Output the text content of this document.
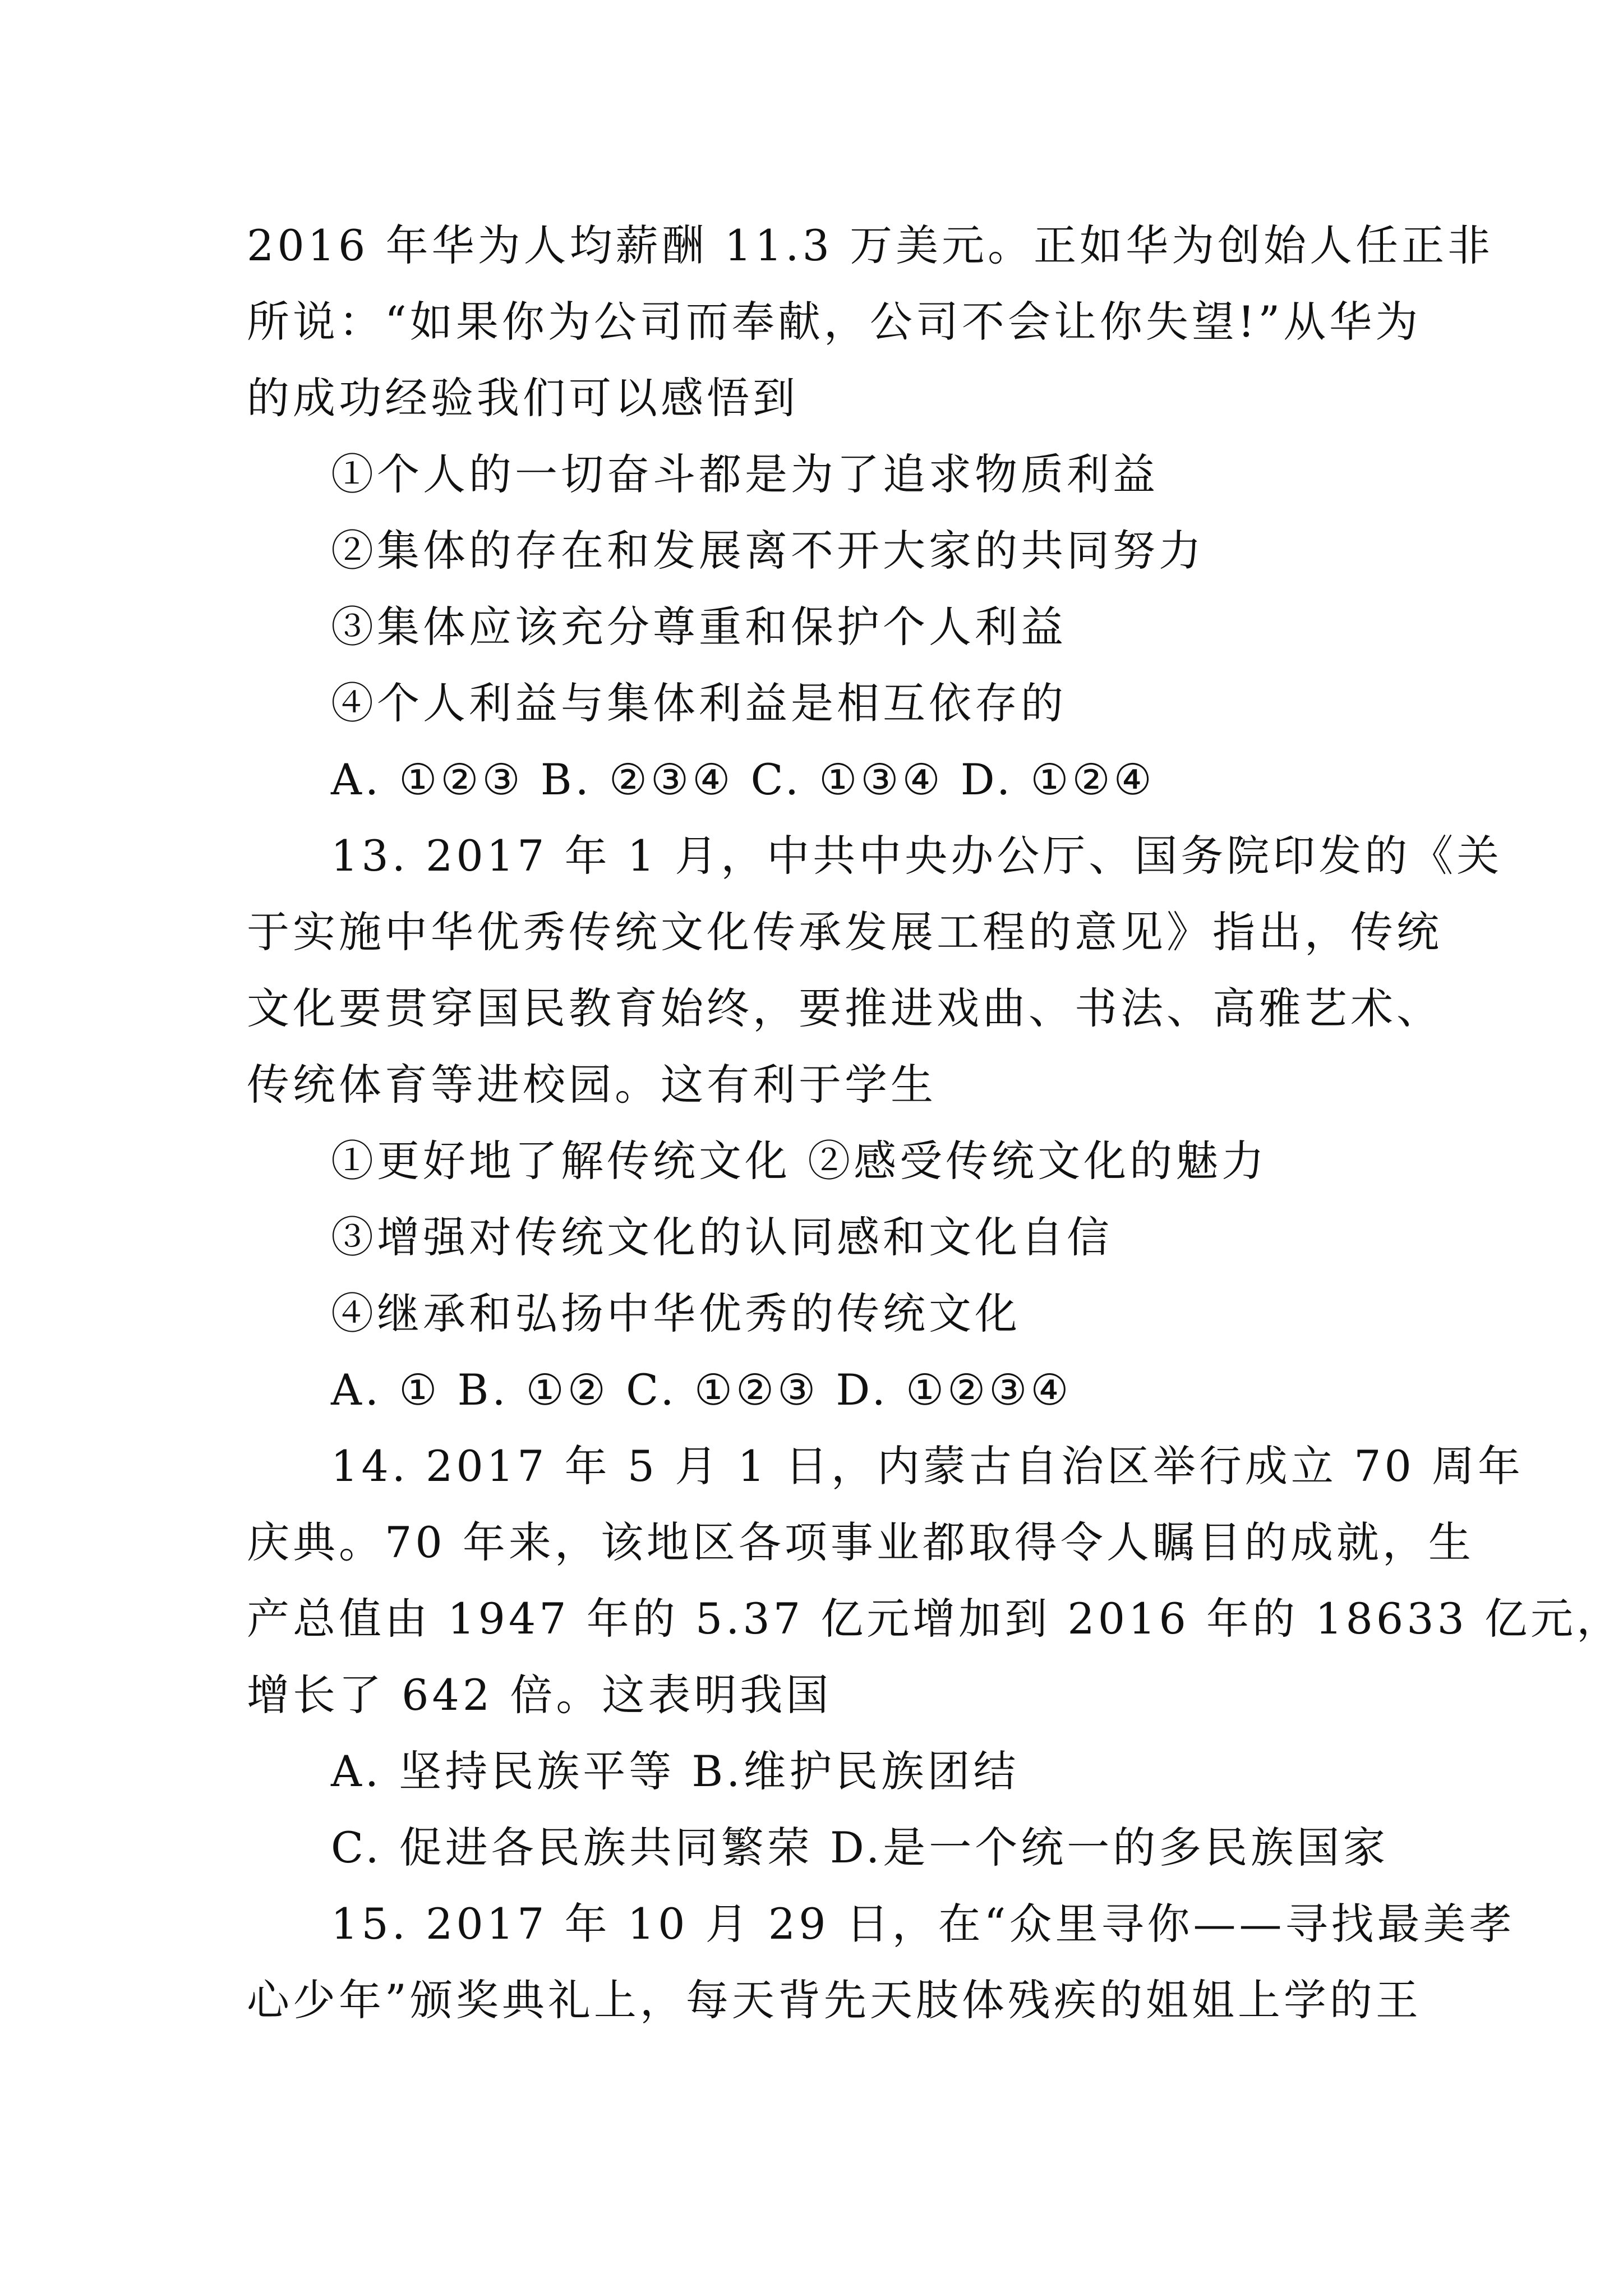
2016 年华为人均薪酬 11.3 万美元。正如华为创始人任正非
所说：“如果你为公司而奉献，公司不会让你失望!”从华为
的成功经验我们可以感悟到
①个人的一切奋斗都是为了追求物质利益
②集体的存在和发展离不开大家的共同努力
③集体应该充分尊重和保护个人利益
④个人利益与集体利益是相互依存的
A. ①②③ B. ②③④ C. ①③④ D. ①②④
13. 2017 年 1 月，中共中央办公厅、国务院印发的《关
于实施中华优秀传统文化传承发展工程的意见》指出，传统
文化要贯穿国民教育始终，要推进戏曲、书法、高雅艺术、
传统体育等进校园。这有利于学生
①更好地了解传统文化 ②感受传统文化的魅力
③增强对传统文化的认同感和文化自信
④继承和弘扬中华优秀的传统文化
A. ① B. ①② C. ①②③ D. ①②③④
14. 2017 年 5 月 1 日，内蒙古自治区举行成立 70 周年
庆典。70 年来，该地区各项事业都取得令人瞩目的成就，生
产总值由 1947 年的 5.37 亿元增加到 2016 年的 18633 亿元，
增长了 642 倍。这表明我国
A. 坚持民族平等 B.维护民族团结
C. 促进各民族共同繁荣 D.是一个统一的多民族国家
15. 2017 年 10 月 29 日，在“众里寻你——寻找最美孝
心少年”颁奖典礼上，每天背先天肢体残疾的姐姐上学的王
